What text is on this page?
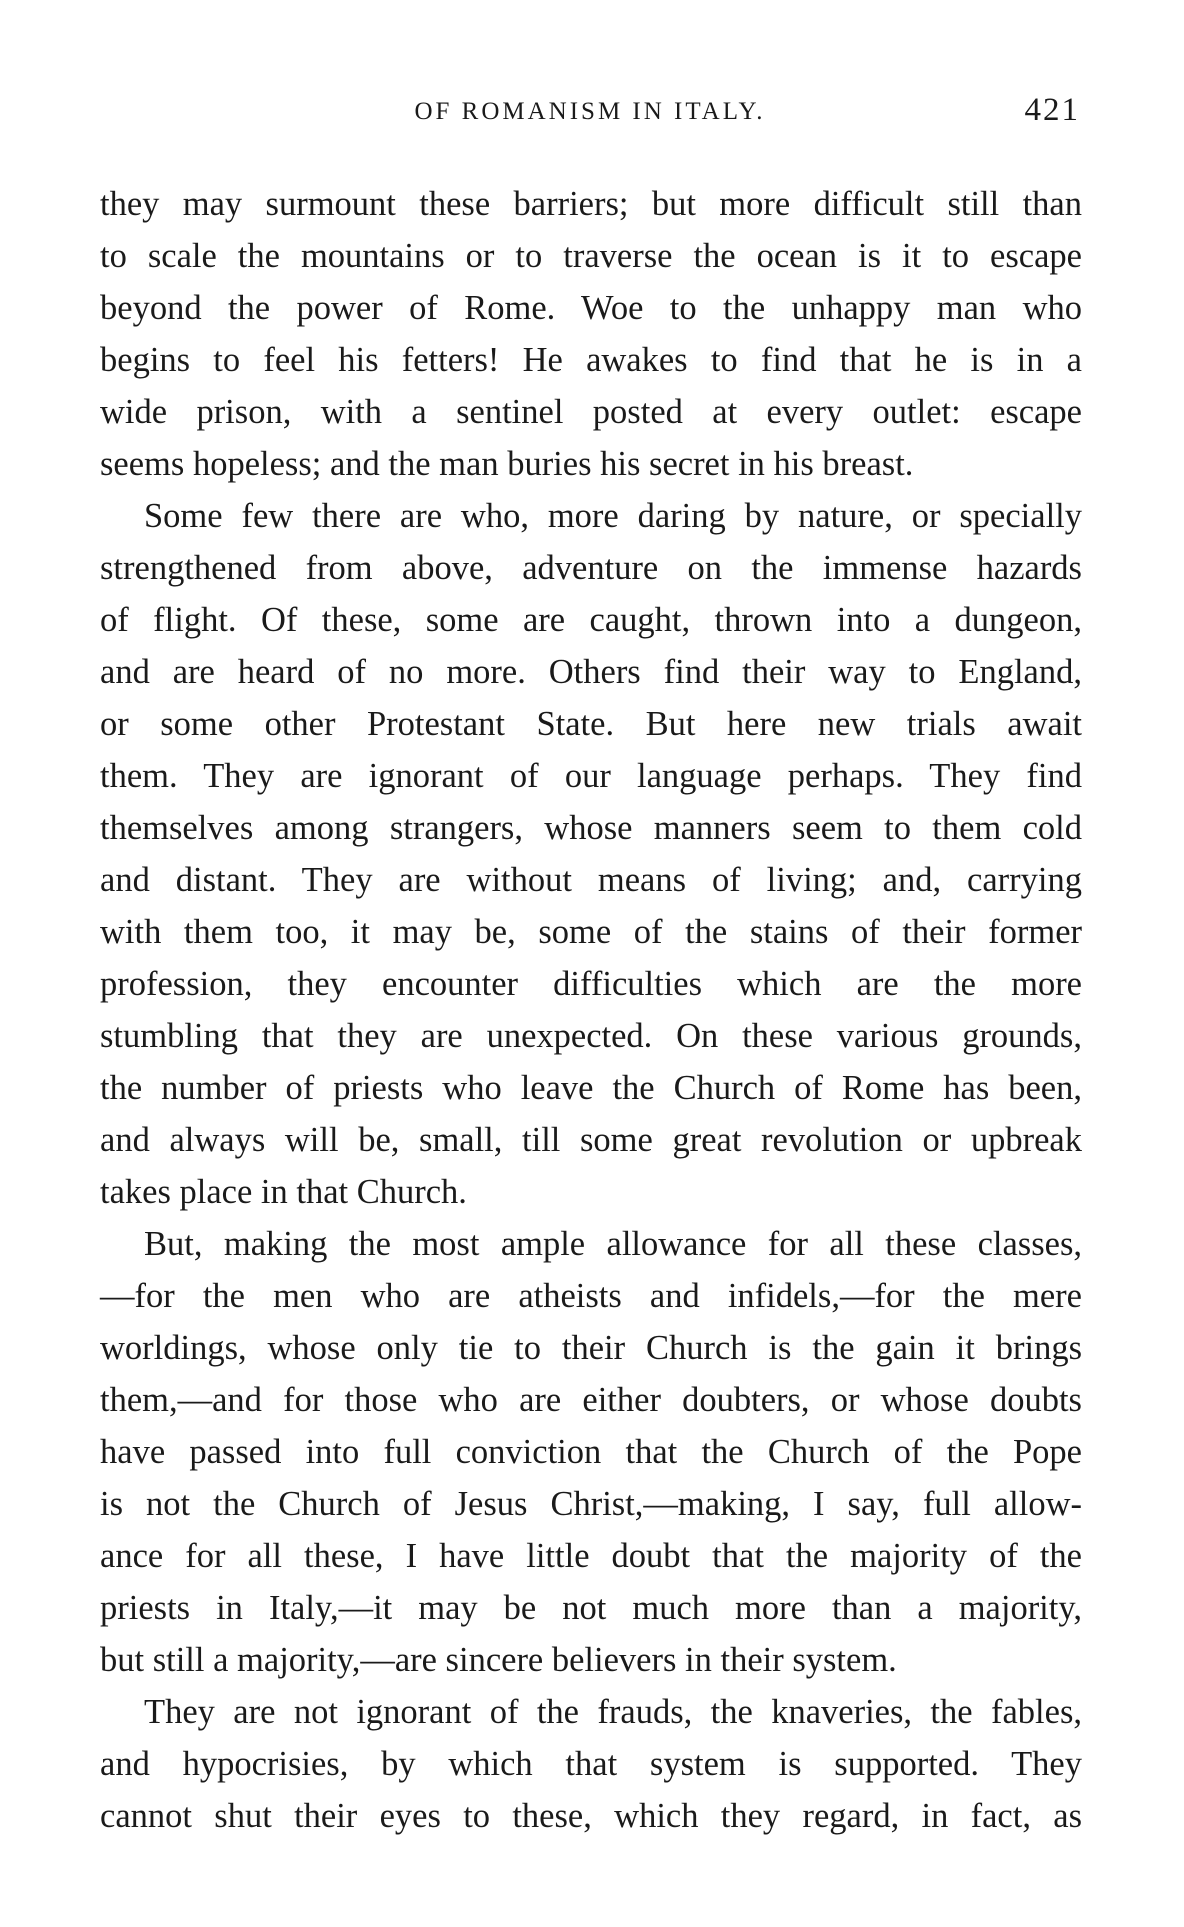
OF ROMANISM IN ITALY.	421
they may surmount these barriers; but more difficult still than
to scale the mountains or to traverse the ocean is it to escape
beyond the power of Rome. Woe to the unhappy man who
begins to feel his fetters! He awakes to find that he is in a
wide prison, with a sentinel posted at every outlet: escape
seems hopeless; and the man buries his secret in his breast.
Some few there are who, more daring by nature, or specially
strengthened from above, adventure on the immense hazards
of flight. Of these, some are caught, thrown into a dungeon,
and are heard of no more. Others find their way to England,
or some other Protestant State. But here new trials await
them. They are ignorant of our language perhaps. They find
themselves among strangers, whose manners seem to them cold
and distant. They are without means of living; and, carrying
with them too, it may be, some of the stains of their former
profession, they encounter difficulties which are the more
stumbling that they are unexpected. On these various grounds,
the number of priests who leave the Church of Rome has been,
and always will be, small, till some great revolution or upbreak
takes place in that Church.
But, making the most ample allowance for all these classes,
—for the men who are atheists and infidels,—for the mere
worldings, whose only tie to their Church is the gain it brings
them,—and for those who are either doubters, or whose doubts
have passed into full conviction that the Church of the Pope
is not the Church of Jesus Christ,—making, I say, full allow-
ance for all these, I have little doubt that the majority of the
priests in Italy,—it may be not much more than a majority,
but still a majority,—are sincere believers in their system.
They are not ignorant of the frauds, the knaveries, the fables,
and hypocrisies, by which that system is supported. They
cannot shut their eyes to these, which they regard, in fact, as
